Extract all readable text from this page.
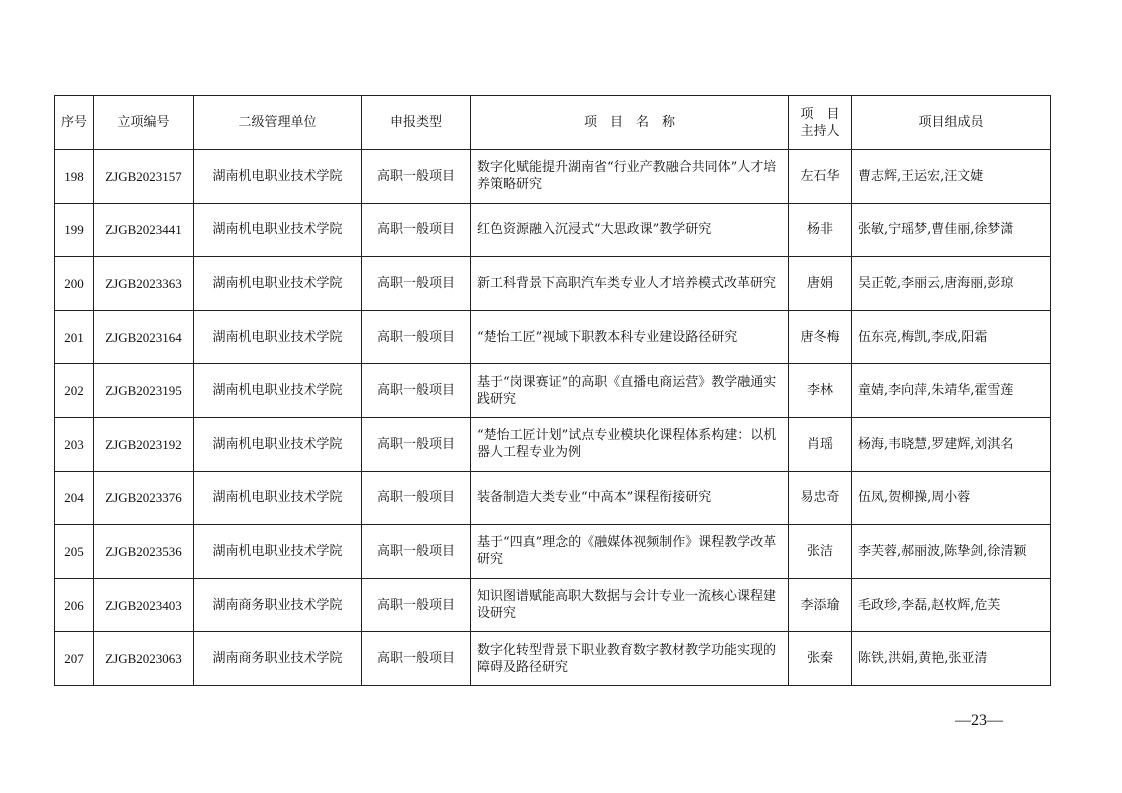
序号	立项编号	二级管理单位	申报类型	项　目　名　称	项　目主持人	项目组成员
198	ZJGB2023157	湖南机电职业技术学院	高职一般项目	数字化赋能提升湖南省“行业产教融合共同体”人才培养策略研究	左石华	曹志辉,王运宏,汪文婕
199	ZJGB2023441	湖南机电职业技术学院	高职一般项目	红色资源融入沉浸式“大思政课”教学研究	杨非	张敏,宁瑶梦,曹佳丽,徐梦潇
200	ZJGB2023363	湖南机电职业技术学院	高职一般项目	新工科背景下高职汽车类专业人才培养模式改革研究	唐娟	吴正乾,李丽云,唐海丽,彭琼
201	ZJGB2023164	湖南机电职业技术学院	高职一般项目	“楚怡工匠”视域下职教本科专业建设路径研究	唐冬梅	伍东亮,梅凯,李成,阳霜
202	ZJGB2023195	湖南机电职业技术学院	高职一般项目	基于“岗课赛证”的高职《直播电商运营》教学融通实践研究	李林	童婧,李向萍,朱靖华,霍雪莲
203	ZJGB2023192	湖南机电职业技术学院	高职一般项目	“楚怡工匠计划”试点专业模块化课程体系构建：以机器人工程专业为例	肖瑶	杨海,韦晓慧,罗建辉,刘淇名
204	ZJGB2023376	湖南机电职业技术学院	高职一般项目	装备制造大类专业“中高本”课程衔接研究	易忠奇	伍凤,贺柳操,周小蓉
205	ZJGB2023536	湖南机电职业技术学院	高职一般项目	基于“四真”理念的《融媒体视频制作》课程教学改革研究	张洁	李芙蓉,郝丽波,陈挚剑,徐清颖
206	ZJGB2023403	湖南商务职业技术学院	高职一般项目	知识图谱赋能高职大数据与会计专业一流核心课程建设研究	李添瑜	毛政珍,李磊,赵枚辉,危芙
207	ZJGB2023063	湖南商务职业技术学院	高职一般项目	数字化转型背景下职业教育数字教材教学功能实现的障碍及路径研究	张秦	陈铁,洪娟,黄艳,张亚清
—23—
